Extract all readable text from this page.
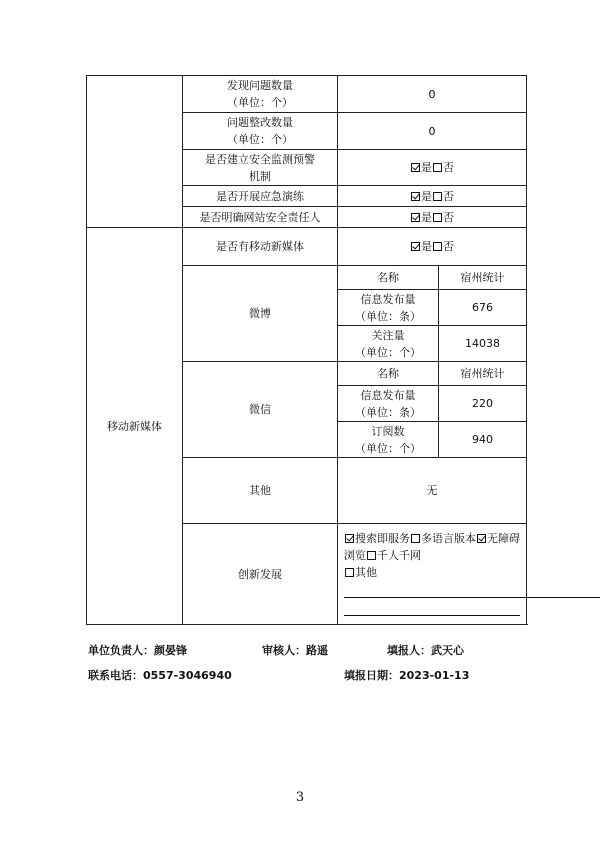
	发现问题数量
（单位：个）	0	

	问题整改数量
（单位：个）	0	

	是否建立安全监测预警
机制	是 否	
	是否开展应急演练	是 否	
	是否明确网站安全责任人	是 否	
移动新媒体	是否有移动新媒体	是 否	
	微博	名称	宿州统计

		信息发布量
（单位：条）	676

		关注量
（单位：个）	14038
	微信	名称	宿州统计

		信息发布量
（单位：条）	220

		订阅数
（单位：个）	940
	其他	无	
	创新发展	搜索即服务 多语言版本 无障碍浏览 千人千网
其他	
单位负责人：颜晏锋	审核人：路遥	填报人：武天心
联系电话：0557-3046940	填报日期：2023-01-13
3
